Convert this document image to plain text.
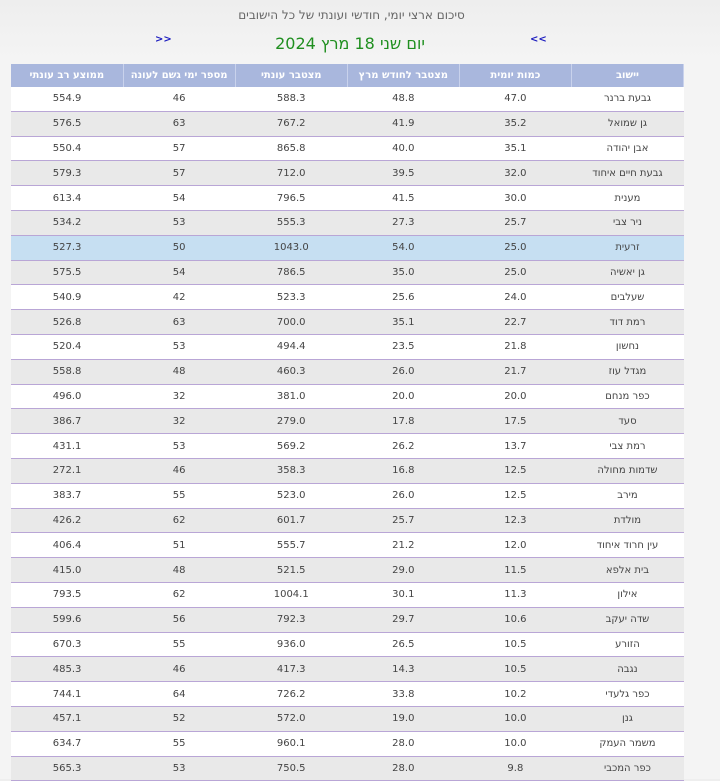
סיכום ארצי יומי, חודשי ועונתי של כל הישובים
>>	יום שני 18 מרץ 2024	<<
יישוב	כמות יומית	מצטבר לחודש מרץ	מצטבר עונתי	מספר ימי גשם לעונה	ממוצע רב עונתי
גבעת ברנר	47.0	48.8	588.3	46	554.9
גן שמואל	35.2	41.9	767.2	63	576.5
אבן יהודה	35.1	40.0	865.8	57	550.4
גבעת חיים איחוד	32.0	39.5	712.0	57	579.3
מענית	30.0	41.5	796.5	54	613.4
ניר צבי	25.7	27.3	555.3	53	534.2
זרעית	25.0	54.0	1043.0	50	527.3
גן יאשיה	25.0	35.0	786.5	54	575.5
שעלבים	24.0	25.6	523.3	42	540.9
רמת דוד	22.7	35.1	700.0	63	526.8
נחשון	21.8	23.5	494.4	53	520.4
מגדל עוז	21.7	26.0	460.3	48	558.8
כפר מנחם	20.0	20.0	381.0	32	496.0
סעד	17.5	17.8	279.0	32	386.7
רמת צבי	13.7	26.2	569.2	53	431.1
שדמות מחולה	12.5	16.8	358.3	46	272.1
מירב	12.5	26.0	523.0	55	383.7
מולדת	12.3	25.7	601.7	62	426.2
עין חרוד איחוד	12.0	21.2	555.7	51	406.4
בית אלפא	11.5	29.0	521.5	48	415.0
אילון	11.3	30.1	1004.1	62	793.5
שדה יעקב	10.6	29.7	792.3	56	599.6
הזורע	10.5	26.5	936.0	55	670.3
נגבה	10.5	14.3	417.3	46	485.3
כפר גלעדי	10.2	33.8	726.2	64	744.1
גנן	10.0	19.0	572.0	52	457.1
משמר העמק	10.0	28.0	960.1	55	634.7
כפר המכבי	9.8	28.0	750.5	53	565.3
